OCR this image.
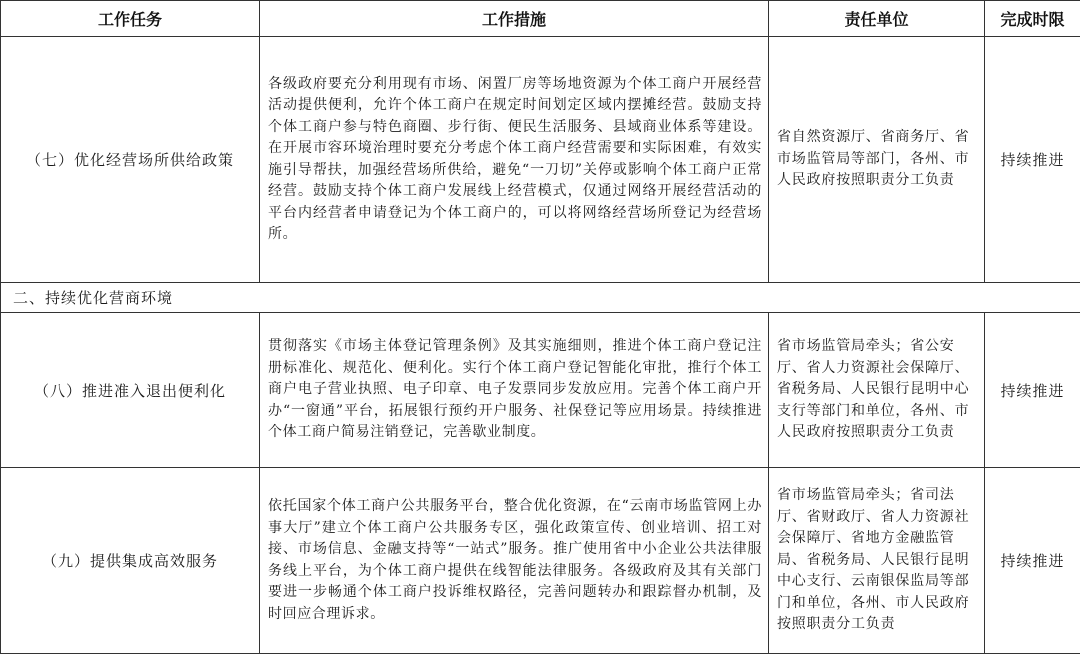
工作任务	工作措施	责任单位	完成时限
（七）优化经营场所供给政策	各级政府要充分利用现有市场、闲置厂房等场地资源为个体工商户开展经营活动提供便利，允许个体工商户在规定时间划定区域内摆摊经营。鼓励支持个体工商户参与特色商圈、步行街、便民生活服务、县域商业体系等建设。在开展市容环境治理时要充分考虑个体工商户经营需要和实际困难，有效实施引导帮扶，加强经营场所供给，避免“一刀切”关停或影响个体工商户正常经营。鼓励支持个体工商户发展线上经营模式，仅通过网络开展经营活动的平台内经营者申请登记为个体工商户的，可以将网络经营场所登记为经营场所。	省自然资源厅、省商务厅、省市场监管局等部门，各州、市人民政府按照职责分工负责	持续推进
二、持续优化营商环境			
（八）推进准入退出便利化	贯彻落实《市场主体登记管理条例》及其实施细则，推进个体工商户登记注册标准化、规范化、便利化。实行个体工商户登记智能化审批，推行个体工商户电子营业执照、电子印章、电子发票同步发放应用。完善个体工商户开办“一窗通”平台，拓展银行预约开户服务、社保登记等应用场景。持续推进个体工商户简易注销登记，完善歇业制度。	省市场监管局牵头；省公安厅、省人力资源社会保障厅、省税务局、人民银行昆明中心支行等部门和单位，各州、市人民政府按照职责分工负责	持续推进
（九）提供集成高效服务	依托国家个体工商户公共服务平台，整合优化资源，在“云南市场监管网上办事大厅”建立个体工商户公共服务专区，强化政策宣传、创业培训、招工对接、市场信息、金融支持等“一站式”服务。推广使用省中小企业公共法律服务线上平台，为个体工商户提供在线智能法律服务。各级政府及其有关部门要进一步畅通个体工商户投诉维权路径，完善问题转办和跟踪督办机制，及时回应合理诉求。	省市场监管局牵头；省司法厅、省财政厅、省人力资源社会保障厅、省地方金融监管局、省税务局、人民银行昆明中心支行、云南银保监局等部门和单位，各州、市人民政府按照职责分工负责	持续推进
